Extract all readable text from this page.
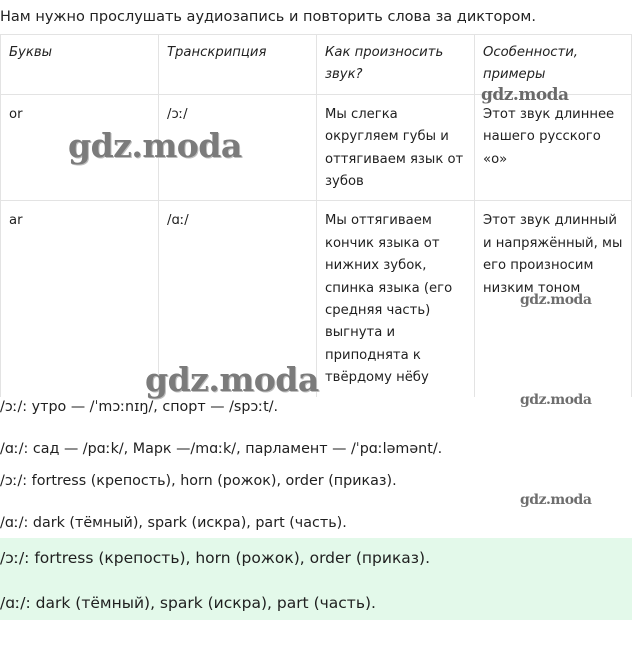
Нам нужно прослушать аудиозапись и повторить слова за диктором.
Буквы	Транскрипция	Как произносить звук?	Особенности, примеры
or	/ɔː/	Мы слегка округляем губы и оттягиваем язык от зубов	Этот звук длиннее нашего русского «о»
ar	/ɑː/	Мы оттягиваем кончик языка от нижних зубок, спинка языка (его средняя часть) выгнута и приподнята к твёрдому нёбу	Этот звук длинный и напряжённый, мы его произносим низким тоном
/ɔː/: утро — /ˈmɔːnɪŋ/, спорт — /spɔːt/.
/ɑː/: сад — /pɑːk/, Марк —/mɑːk/, парламент — /ˈpɑːləmənt/.
/ɔː/: fortress (крепость), horn (рожок), order (приказ).
/ɑː/: dark (тёмный), spark (искра), part (часть).
/ɔː/: fortress (крепость), horn (рожок), order (приказ).
/ɑː/: dark (тёмный), spark (искра), part (часть).
gdz.moda
gdz.moda
gdz.moda
gdz.moda
gdz.moda
gdz.moda
